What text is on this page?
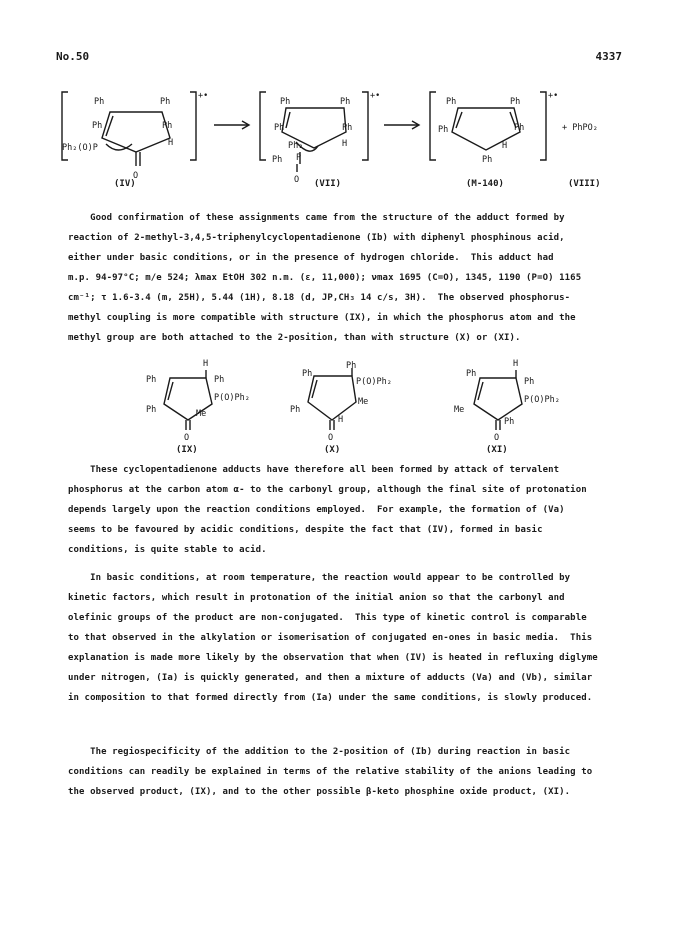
No.50	4337
Ph	Ph
Ph	Ph
H
Ph₂(O)P
O
+•
Ph	Ph
Ph	Ph
H
Ph₂
Ph P
O
+•
Ph	Ph
Ph	Ph
H
Ph
+•
+ PhPO₂
(IV)	(VII)	(M-140)	(VIII)
Good confirmation of these assignments came from the structure of the adduct formed by
reaction of 2-methyl-3,4,5-triphenylcyclopentadienone (Ib) with diphenyl phosphinous acid,
either under basic conditions, or in the presence of hydrogen chloride.  This adduct had
m.p. 94-97°C; m/e 524; λmax EtOH 302 n.m. (ε, 11,000); νmax 1695 (C=O), 1345, 1190 (P=O) 1165
cm⁻¹; τ 1.6-3.4 (m, 25H), 5.44 (1H), 8.18 (d, JP,CH₃ 14 c/s, 3H).  The observed phosphorus-
methyl coupling is more compatible with structure (IX), in which the phosphorus atom and the
methyl group are both attached to the 2-position, than with structure (X) or (XI).
H
Ph	Ph
P(O)Ph₂
Ph	Me
O
Ph
Ph
P(O)Ph₂
Me
Ph
H
O
H
Ph
Ph
P(O)Ph₂
Me
Ph
O
(IX)	(X)	(XI)
These cyclopentadienone adducts have therefore all been formed by attack of tervalent
phosphorus at the carbon atom α- to the carbonyl group, although the final site of protonation
depends largely upon the reaction conditions employed.  For example, the formation of (Va)
seems to be favoured by acidic conditions, despite the fact that (IV), formed in basic
conditions, is quite stable to acid.
In basic conditions, at room temperature, the reaction would appear to be controlled by
kinetic factors, which result in protonation of the initial anion so that the carbonyl and
olefinic groups of the product are non-conjugated.  This type of kinetic control is comparable
to that observed in the alkylation or isomerisation of conjugated en-ones in basic media.  This
explanation is made more likely by the observation that when (IV) is heated in refluxing diglyme
under nitrogen, (Ia) is quickly generated, and then a mixture of adducts (Va) and (Vb), similar
in composition to that formed directly from (Ia) under the same conditions, is slowly produced.
The regiospecificity of the addition to the 2-position of (Ib) during reaction in basic
conditions can readily be explained in terms of the relative stability of the anions leading to
the observed product, (IX), and to the other possible β-keto phosphine oxide product, (XI).
